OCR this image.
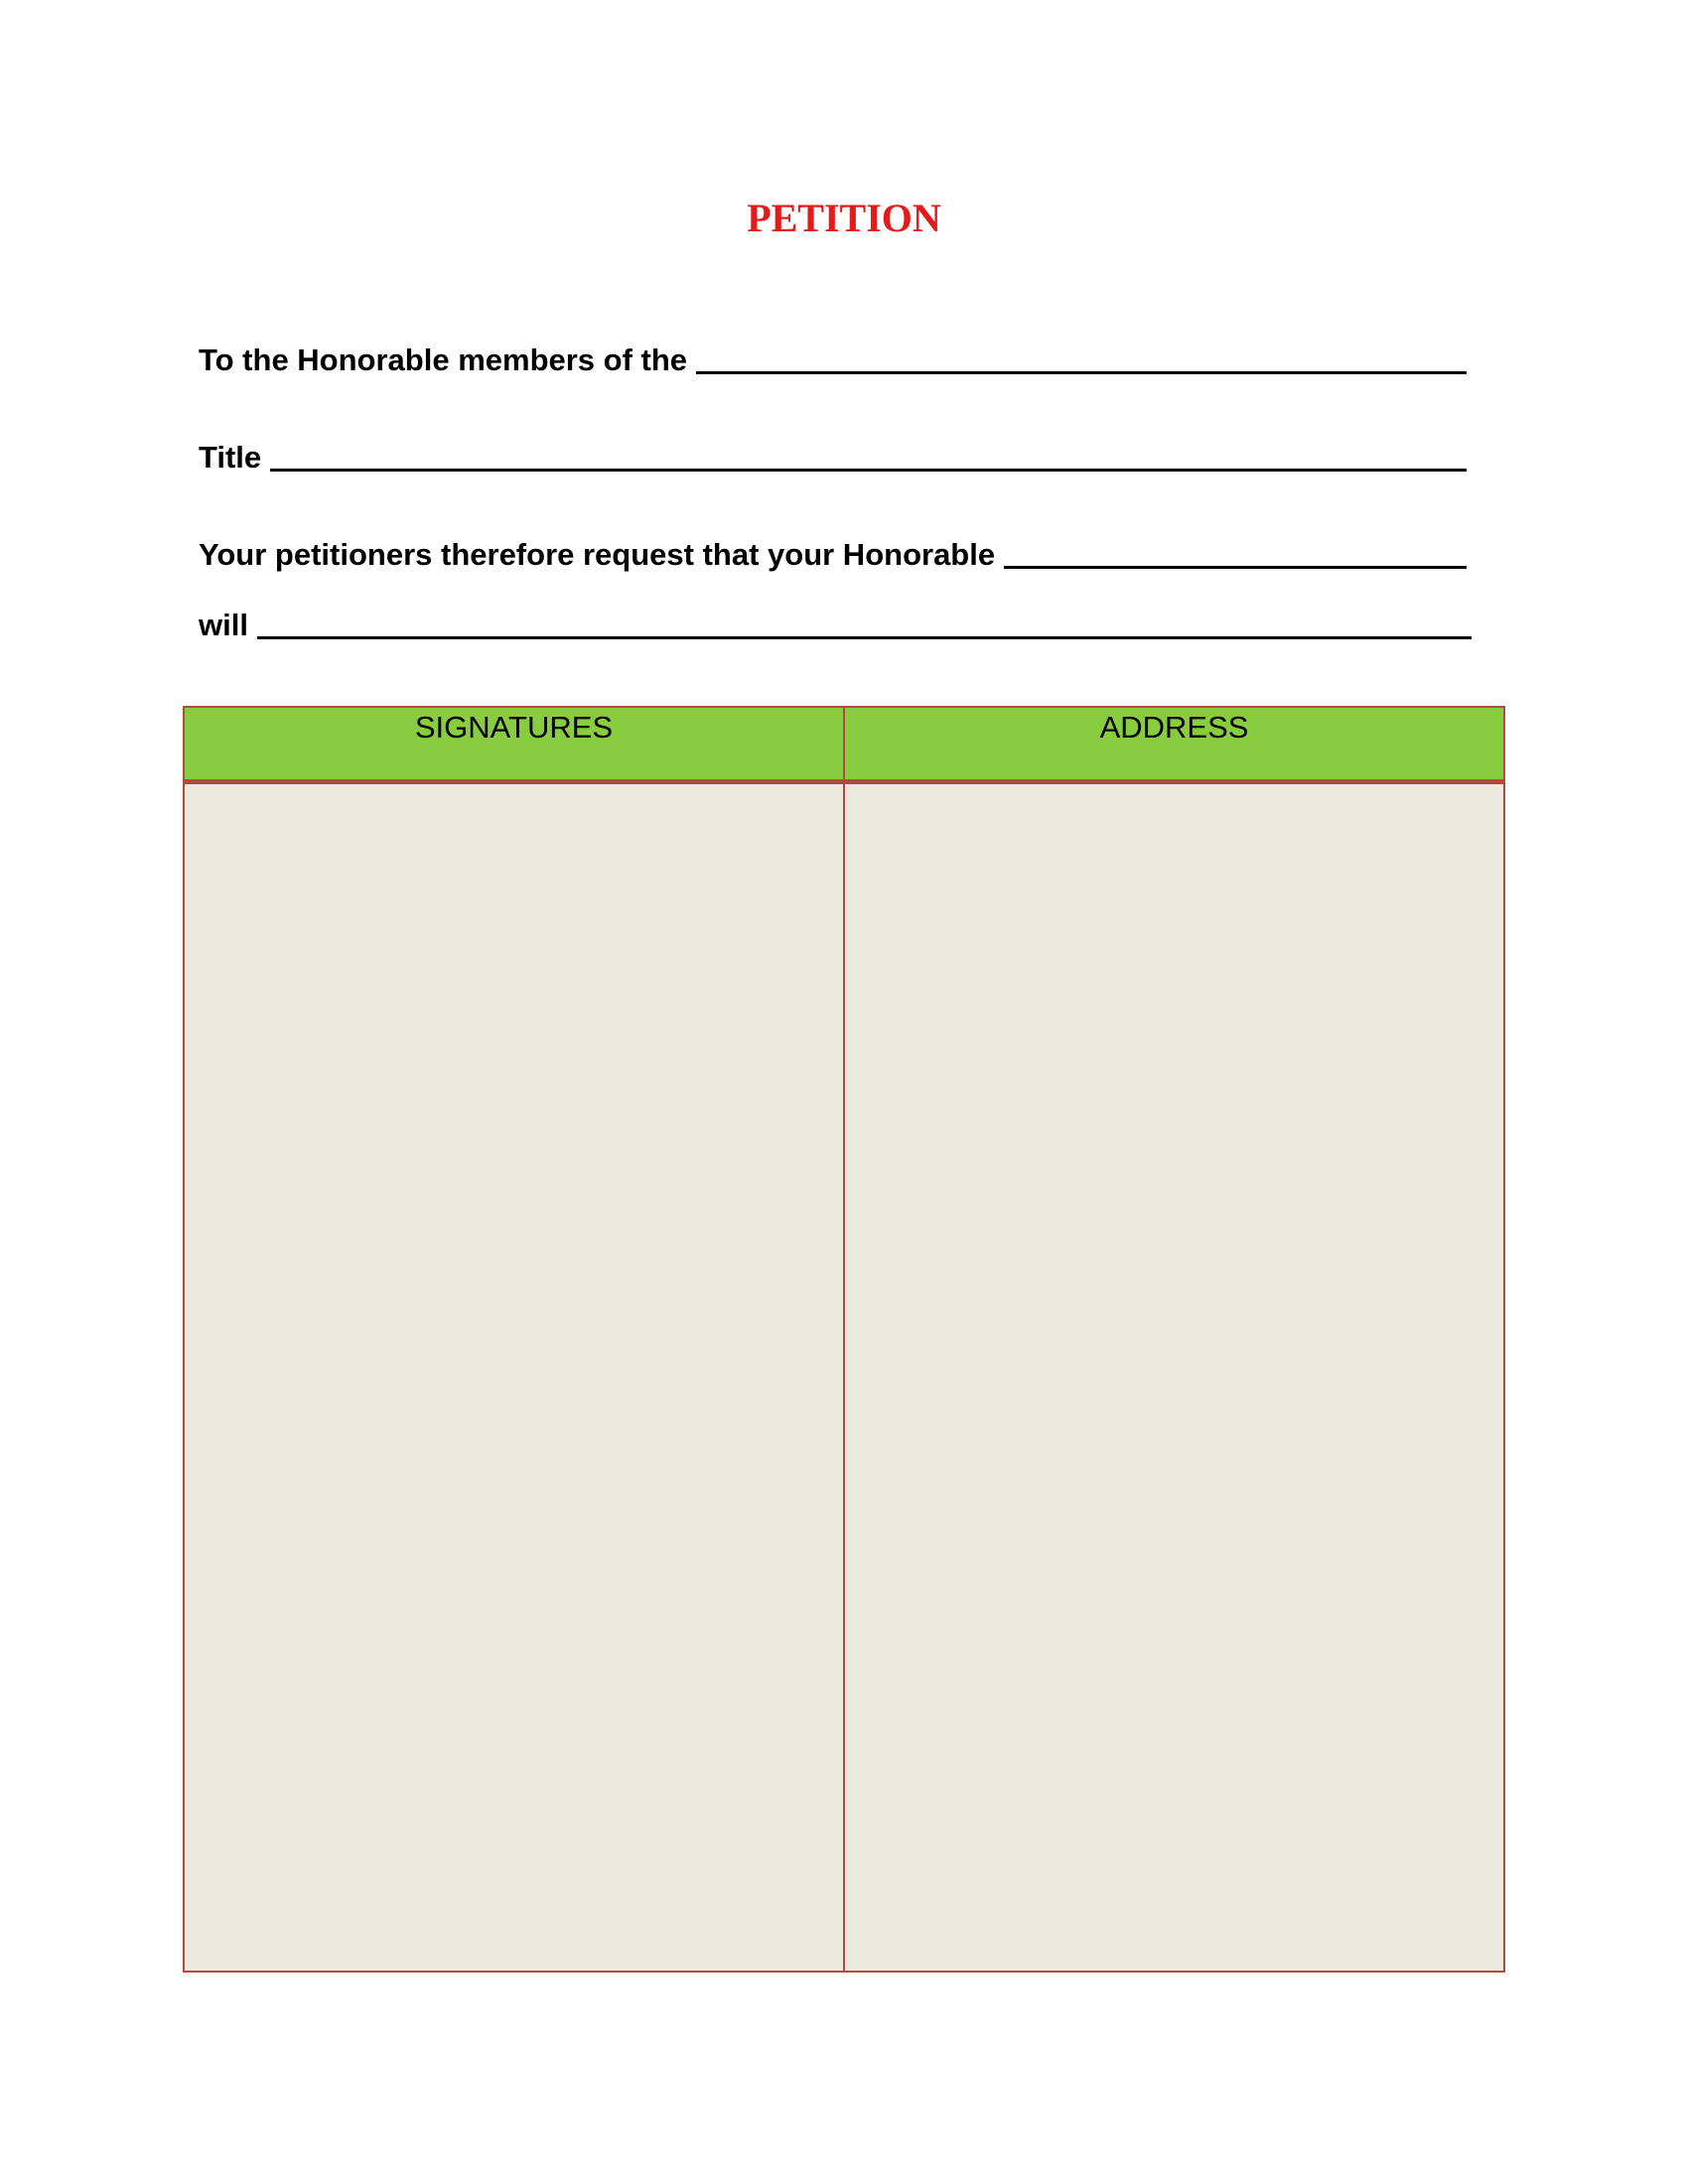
PETITION
To the Honorable members of the
Title
Your petitioners therefore request that your Honorable
will
SIGNATURES	ADDRESS
